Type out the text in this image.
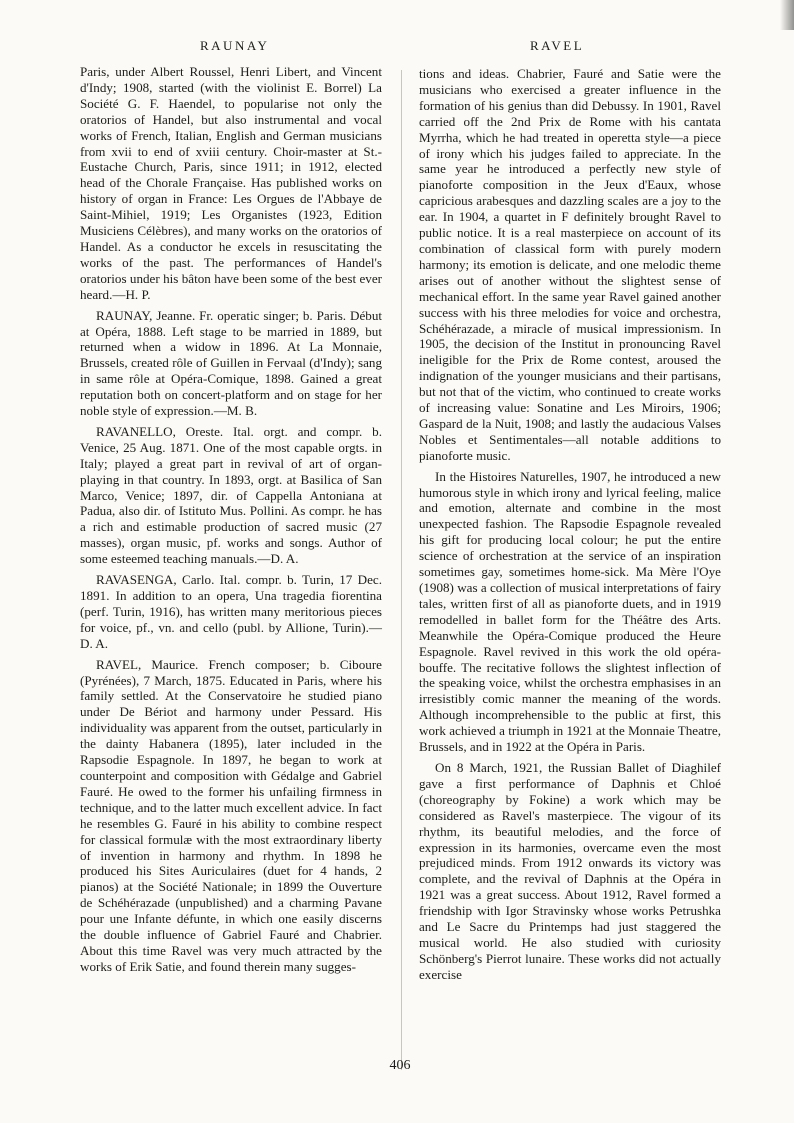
RAUNAY	RAVEL

Paris, under Albert Roussel, Henri Libert, and Vincent d'Indy; 1908, started (with the violinist E. Borrel) La Société G. F. Haendel, to popularise not only the oratorios of Handel, but also instrumental and vocal works of French, Italian, English and German musicians from xvii to end of xviii century. Choir-master at St.-Eustache Church, Paris, since 1911; in 1912, elected head of the Chorale Française. Has published works on history of organ in France: Les Orgues de l'Abbaye de Saint-Mihiel, 1919; Les Organistes (1923, Edition Musiciens Célèbres), and many works on the oratorios of Handel. As a conductor he excels in resuscitating the works of the past. The performances of Handel's oratorios under his bâton have been some of the best ever heard.—H. P.

RAUNAY, Jeanne. Fr. operatic singer; b. Paris. Début at Opéra, 1888. Left stage to be married in 1889, but returned when a widow in 1896. At La Monnaie, Brussels, created rôle of Guillen in Fervaal (d'Indy); sang in same rôle at Opéra-Comique, 1898. Gained a great reputation both on concert-platform and on stage for her noble style of expression.—M. B.

RAVANELLO, Oreste. Ital. orgt. and compr. b. Venice, 25 Aug. 1871. One of the most capable orgts. in Italy; played a great part in revival of art of organ-playing in that country. In 1893, orgt. at Basilica of San Marco, Venice; 1897, dir. of Cappella Antoniana at Padua, also dir. of Istituto Mus. Pollini. As compr. he has a rich and estimable production of sacred music (27 masses), organ music, pf. works and songs. Author of some esteemed teaching manuals.—D. A.

RAVASENGA, Carlo. Ital. compr. b. Turin, 17 Dec. 1891. In addition to an opera, Una tragedia fiorentina (perf. Turin, 1916), has written many meritorious pieces for voice, pf., vn. and cello (publ. by Allione, Turin).—D. A.

RAVEL, Maurice. French composer; b. Ciboure (Pyrénées), 7 March, 1875. Educated in Paris, where his family settled. At the Conservatoire he studied piano under De Bériot and harmony under Pessard. His individuality was apparent from the outset, particularly in the dainty Habanera (1895), later included in the Rapsodie Espagnole. In 1897, he began to work at counterpoint and composition with Gédalge and Gabriel Fauré. He owed to the former his unfailing firmness in technique, and to the latter much excellent advice. In fact he resembles G. Fauré in his ability to combine respect for classical formulæ with the most extraordinary liberty of invention in harmony and rhythm. In 1898 he produced his Sites Auriculaires (duet for 4 hands, 2 pianos) at the Société Nationale; in 1899 the Ouverture de Schéhérazade (unpublished) and a charming Pavane pour une Infante défunte, in which one easily discerns the double influence of Gabriel Fauré and Chabrier. About this time Ravel was very much attracted by the works of Erik Satie, and found therein many sugges-

tions and ideas. Chabrier, Fauré and Satie were the musicians who exercised a greater influence in the formation of his genius than did Debussy. In 1901, Ravel carried off the 2nd Prix de Rome with his cantata Myrrha, which he had treated in operetta style—a piece of irony which his judges failed to appreciate. In the same year he introduced a perfectly new style of pianoforte composition in the Jeux d'Eaux, whose capricious arabesques and dazzling scales are a joy to the ear. In 1904, a quartet in F definitely brought Ravel to public notice. It is a real masterpiece on account of its combination of classical form with purely modern harmony; its emotion is delicate, and one melodic theme arises out of another without the slightest sense of mechanical effort. In the same year Ravel gained another success with his three melodies for voice and orchestra, Schéhérazade, a miracle of musical impressionism. In 1905, the decision of the Institut in pronouncing Ravel ineligible for the Prix de Rome contest, aroused the indignation of the younger musicians and their partisans, but not that of the victim, who continued to create works of increasing value: Sonatine and Les Miroirs, 1906; Gaspard de la Nuit, 1908; and lastly the audacious Valses Nobles et Sentimentales—all notable additions to pianoforte music.

In the Histoires Naturelles, 1907, he introduced a new humorous style in which irony and lyrical feeling, malice and emotion, alternate and combine in the most unexpected fashion. The Rapsodie Espagnole revealed his gift for producing local colour; he put the entire science of orchestration at the service of an inspiration sometimes gay, sometimes home-sick. Ma Mère l'Oye (1908) was a collection of musical interpretations of fairy tales, written first of all as pianoforte duets, and in 1919 remodelled in ballet form for the Théâtre des Arts. Meanwhile the Opéra-Comique produced the Heure Espagnole. Ravel revived in this work the old opéra-bouffe. The recitative follows the slightest inflection of the speaking voice, whilst the orchestra emphasises in an irresistibly comic manner the meaning of the words. Although incomprehensible to the public at first, this work achieved a triumph in 1921 at the Monnaie Theatre, Brussels, and in 1922 at the Opéra in Paris.

On 8 March, 1921, the Russian Ballet of Diaghilef gave a first performance of Daphnis et Chloé (choreography by Fokine) a work which may be considered as Ravel's masterpiece. The vigour of its rhythm, its beautiful melodies, and the force of expression in its harmonies, overcame even the most prejudiced minds. From 1912 onwards its victory was complete, and the revival of Daphnis at the Opéra in 1921 was a great success. About 1912, Ravel formed a friendship with Igor Stravinsky whose works Petrushka and Le Sacre du Printemps had just staggered the musical world. He also studied with curiosity Schönberg's Pierrot lunaire. These works did not actually exercise

406
